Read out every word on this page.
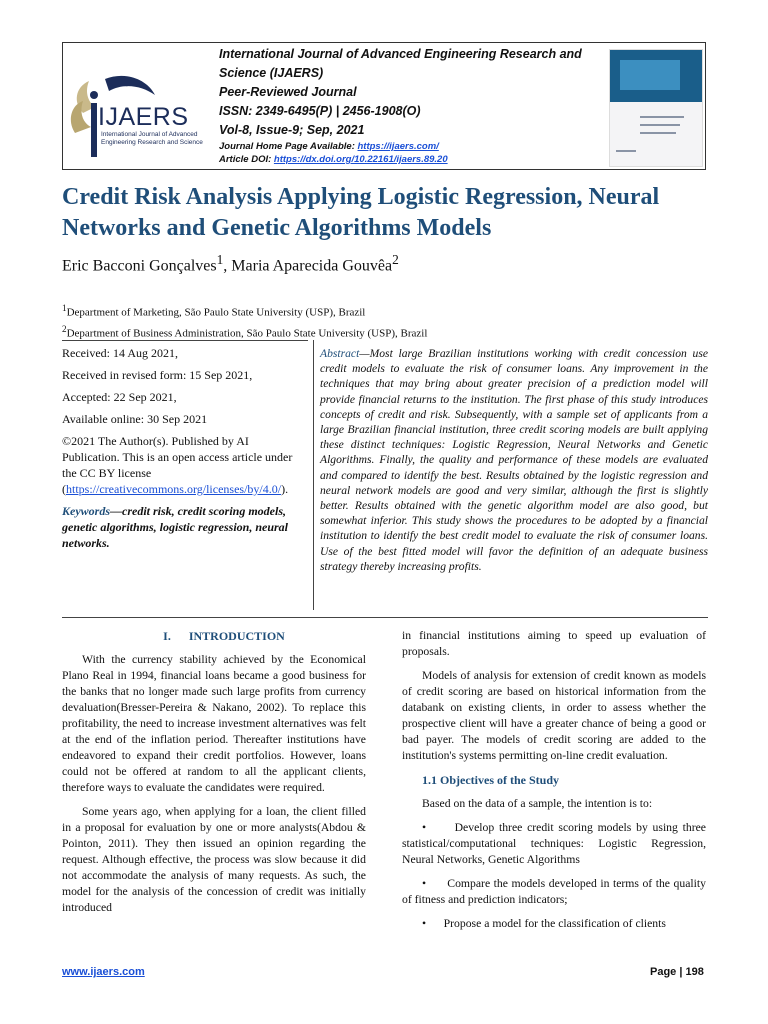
IJAERS
International Journal of Advanced Engineering Research and Science
International Journal of Advanced Engineering Research and
Science (IJAERS)
Peer-Reviewed Journal
ISSN: 2349-6495(P) | 2456-1908(O)
Vol-8, Issue-9; Sep, 2021
Journal Home Page Available: https://ijaers.com/
Article DOI: https://dx.doi.org/10.22161/ijaers.89.20
Credit Risk Analysis Applying Logistic Regression, Neural Networks and Genetic Algorithms Models
Eric Bacconi Gonçalves$^1$, Maria Aparecida Gouvêa$^2$
$^1$Department of Marketing, São Paulo State University (USP), Brazil
$^2$Department of Business Administration, São Paulo State University (USP), Brazil

Received: 14 Aug 2021,

Received in revised form: 15 Sep 2021,

Accepted: 22 Sep 2021,

Available online: 30 Sep 2021

©2021 The Author(s). Published by AI Publication. This is an open access article under the CC BY license
(https://creativecommons.org/licenses/by/4.0/).

Keywords—credit risk, credit scoring models, genetic algorithms, logistic regression, neural networks.

Abstract—Most large Brazilian institutions working with credit concession use credit models to evaluate the risk of consumer loans. Any improvement in the techniques that may bring about greater precision of a prediction model will provide financial returns to the institution. The first phase of this study introduces concepts of credit and risk. Subsequently, with a sample set of applicants from a large Brazilian financial institution, three credit scoring models are built applying these distinct techniques: Logistic Regression, Neural Networks and Genetic Algorithms. Finally, the quality and performance of these models are evaluated and compared to identify the best. Results obtained by the logistic regression and neural network models are good and very similar, although the first is slightly better. Results obtained with the genetic algorithm model are also good, but somewhat inferior. This study shows the procedures to be adopted by a financial institution to identify the best credit model to evaluate the risk of consumer loans. Use of the best fitted model will favor the definition of an adequate business strategy thereby increasing profits.

I.      INTRODUCTION

With the currency stability achieved by the Economical Plano Real in 1994, financial loans became a good business for the banks that no longer made such large profits from currency devaluation(Bresser-Pereira & Nakano, 2002). To replace this profitability, the need to increase investment alternatives was felt at the end of the inflation period. Thereafter institutions have endeavored to expand their credit portfolios. However, loans could not be offered at random to all the applicant clients, therefore ways to evaluate the candidates were required.

Some years ago, when applying for a loan, the client filled in a proposal for evaluation by one or more analysts(Abdou & Pointon, 2011). They then issued an opinion regarding the request. Although effective, the process was slow because it did not accommodate the analysis of many requests. As such, the model for the analysis of the concession of credit was initially introduced

in financial institutions aiming to speed up evaluation of proposals.

Models of analysis for extension of credit known as models of credit scoring are based on historical information from the databank on existing clients, in order to assess whether the prospective client will have a greater chance of being a good or bad payer. The models of credit scoring are added to the institution's systems permitting on-line credit evaluation.

1.1 Objectives of the Study

Based on the data of a sample, the intention is to:

•      Develop three credit scoring models by using three statistical/computational techniques: Logistic Regression, Neural Networks, Genetic Algorithms

•      Compare the models developed in terms of the quality of fitness and prediction indicators;

•      Propose a model for the classification of clients

www.ijaers.com	Page | 198
